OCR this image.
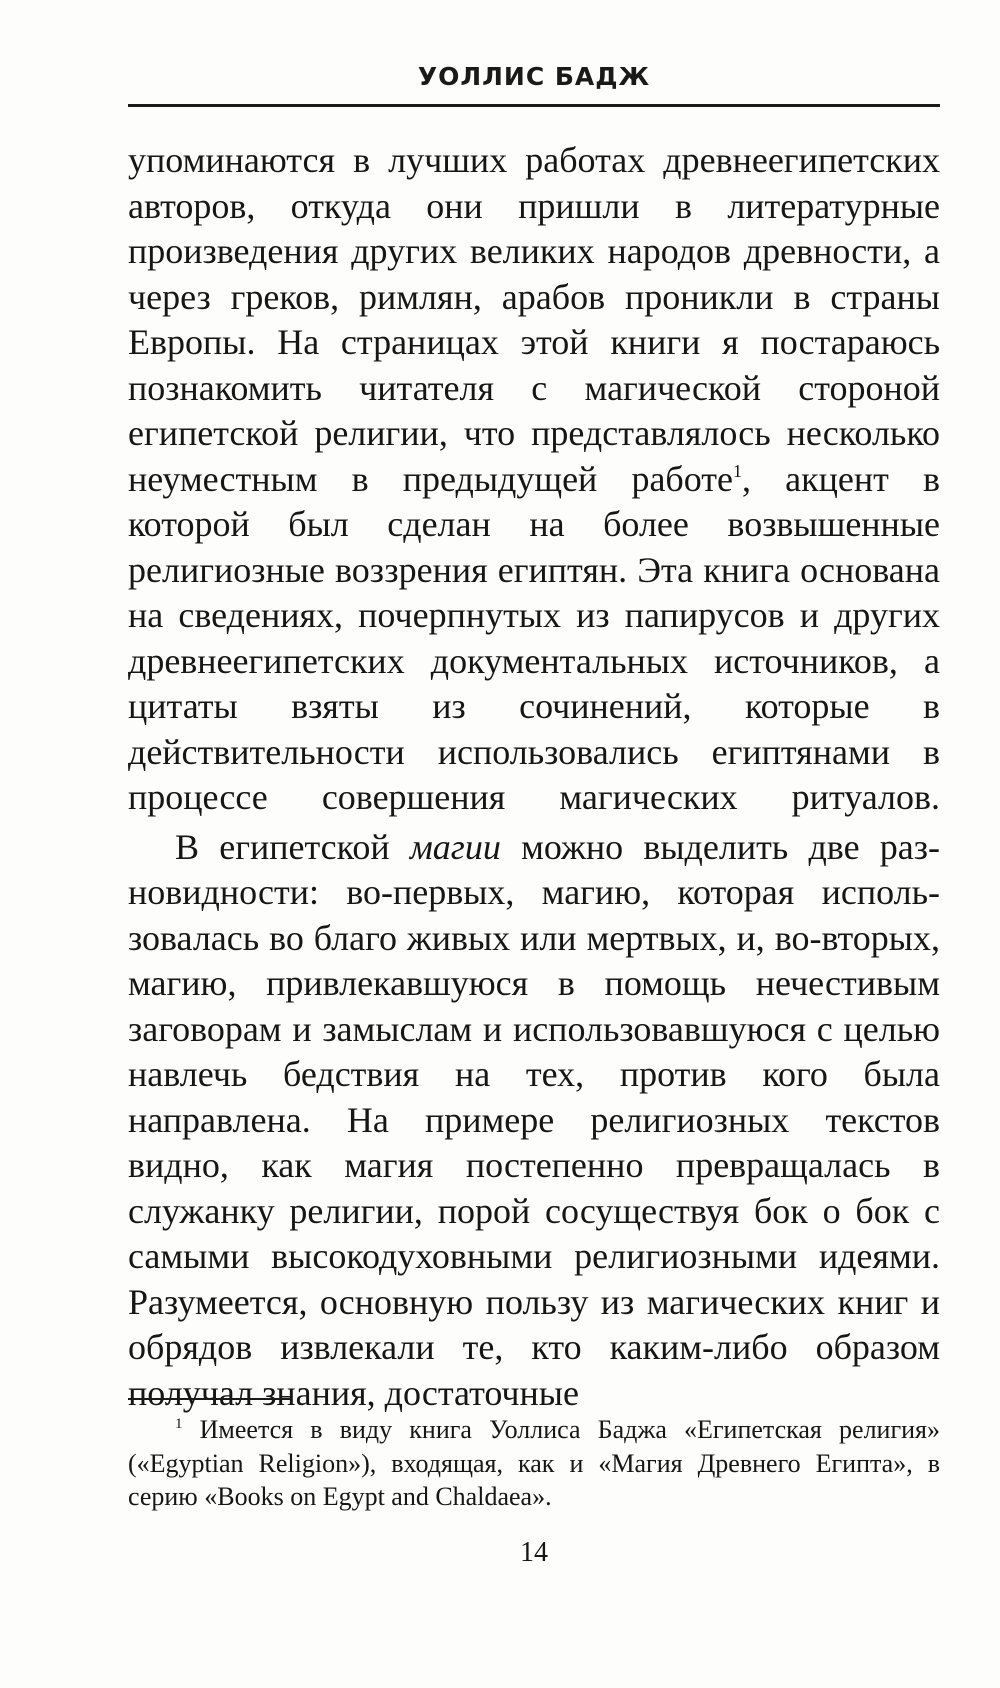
УОЛЛИС БАДЖ

упоминаются в лучших работах древнеегипетских авторов, откуда они пришли в литературные произведения других великих народов древности, а через греков, римлян, арабов проникли в страны Европы. На страницах этой книги я постараюсь познакомить читателя с магической стороной египетской религии, что представлялось несколько неуместным в предыдущей работе$^1$, акцент в которой был сделан на более возвышенные религиозные воззрения египтян. Эта книга основана на сведениях, почерпнутых из папирусов и других древнеегипетских документальных источников, а цитаты взяты из сочинений, которые в действительности использовались египтянами в процессе совершения магических ритуалов.

В египетской магии можно выделить две разновидности: во-первых, магию, которая использовалась во благо живых или мертвых, и, во-вторых, магию, привлекавшуюся в помощь нечестивым заговорам и замыслам и использовавшуюся с целью навлечь бедствия на тех, против кого была направлена. На примере религиозных текстов видно, как магия постепенно превращалась в служанку религии, порой сосуществуя бок о бок с самыми высокодуховными религиозными идеями. Разумеется, основную пользу из магических книг и обрядов извлекали те, кто каким-либо образом получал знания, достаточные

$^1$ Имеется в виду книга Уоллиса Баджа «Египетская религия» («Egyptian Religion»), входящая, как и «Магия Древнего Египта», в серию «Books on Egypt and Chaldaea».

14
